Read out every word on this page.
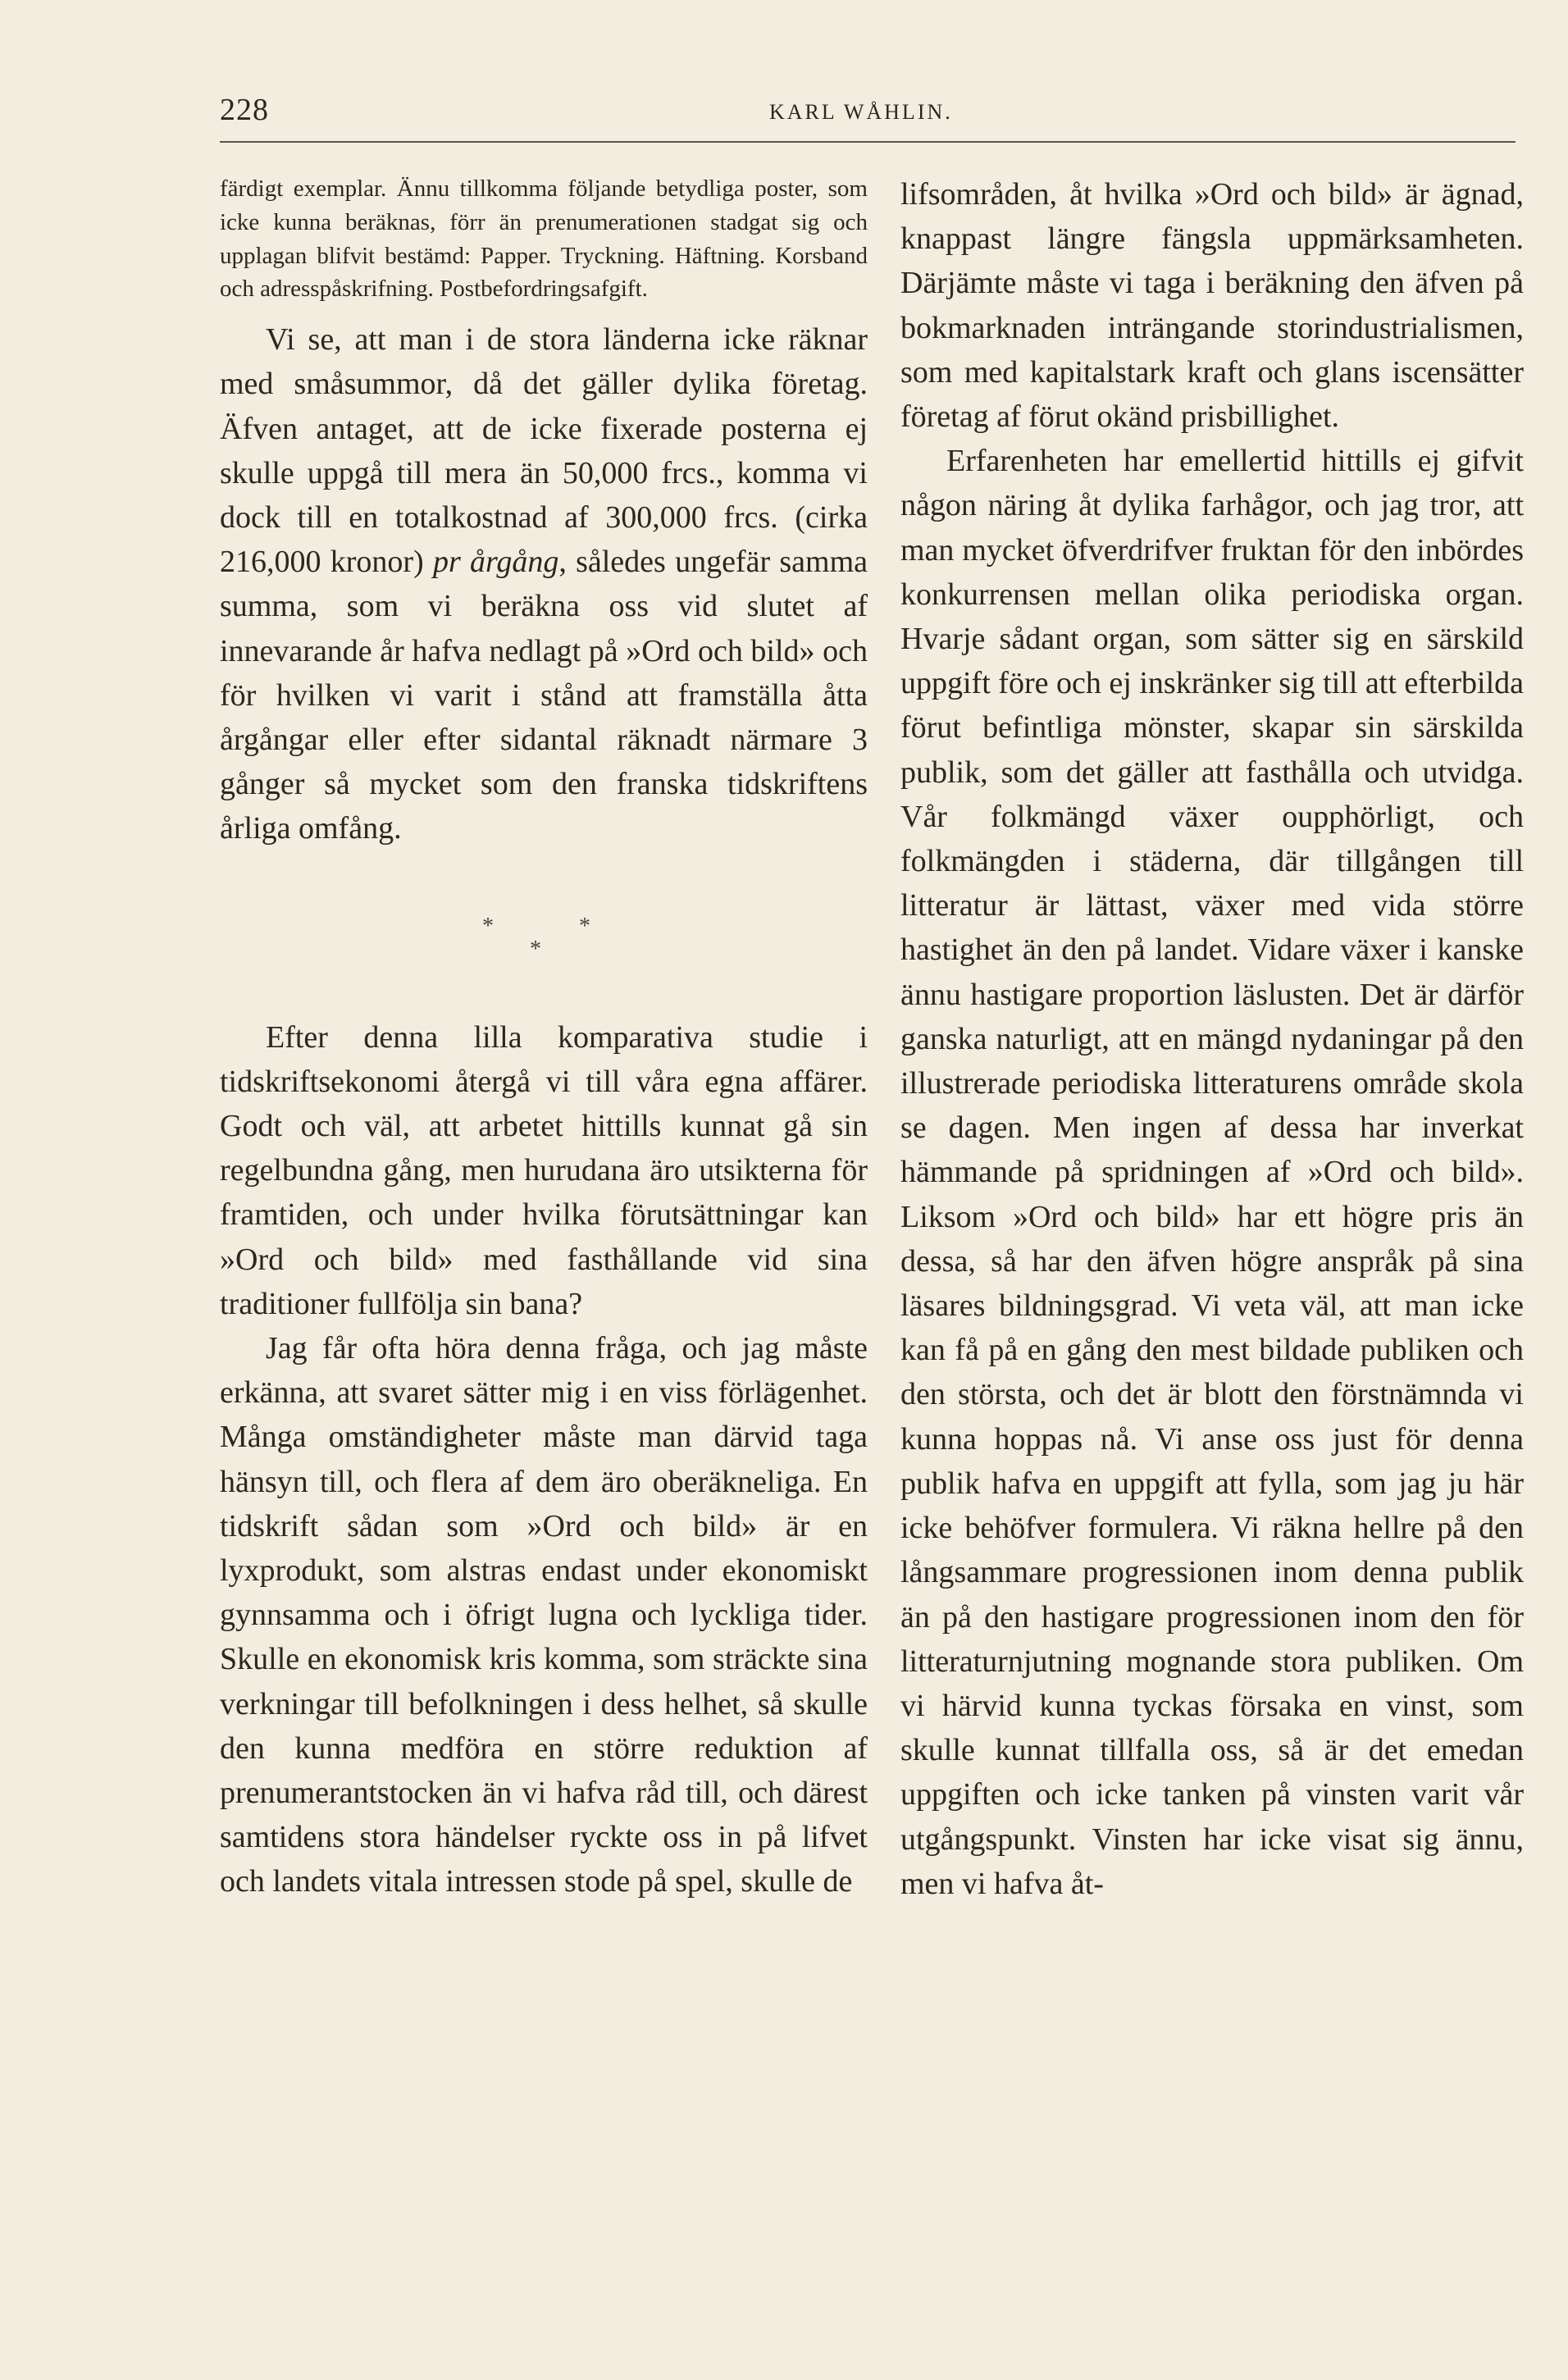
228	KARL WÅHLIN.

färdigt exemplar. Ännu tillkomma följande betydliga poster, som icke kunna beräknas, förr än prenumerationen stadgat sig och upplagan blifvit bestämd: Papper. Tryckning. Häftning. Korsband och adresspåskrifning. Postbefordringsafgift.

Vi se, att man i de stora länderna icke räknar med småsummor, då det gäller dylika företag. Äfven antaget, att de icke fixerade posterna ej skulle uppgå till mera än 50,000 frcs., komma vi dock till en totalkostnad af 300,000 frcs. (cirka 216,000 kronor) pr årgång, således ungefär samma summa, som vi beräkna oss vid slutet af innevarande år hafva nedlagt på »Ord och bild» och för hvilken vi varit i stånd att framställa åtta årgångar eller efter sidantal räknadt närmare 3 gånger så mycket som den franska tidskriftens årliga omfång.

*
*
*

Efter denna lilla komparativa studie i tidskriftsekonomi återgå vi till våra egna affärer. Godt och väl, att arbetet hittills kunnat gå sin regelbundna gång, men hurudana äro utsikterna för framtiden, och under hvilka förutsättningar kan »Ord och bild» med fasthållande vid sina traditioner fullfölja sin bana?

Jag får ofta höra denna fråga, och jag måste erkänna, att svaret sätter mig i en viss förlägenhet. Många omständigheter måste man därvid taga hänsyn till, och flera af dem äro oberäkneliga. En tidskrift sådan som »Ord och bild» är en lyxprodukt, som alstras endast under ekonomiskt gynnsamma och i öfrigt lugna och lyckliga tider. Skulle en ekonomisk kris komma, som sträckte sina verkningar till befolkningen i dess helhet, så skulle den kunna medföra en större reduktion af prenumerantstocken än vi hafva råd till, och därest samtidens stora händelser ryckte oss in på lifvet och landets vitala intressen stode på spel, skulle de

lifsområden, åt hvilka »Ord och bild» är ägnad, knappast längre fängsla uppmärksamheten. Därjämte måste vi taga i beräkning den äfven på bokmarknaden inträngande storindustrialismen, som med kapitalstark kraft och glans iscensätter företag af förut okänd prisbillighet.

Erfarenheten har emellertid hittills ej gifvit någon näring åt dylika farhågor, och jag tror, att man mycket öfverdrifver fruktan för den inbördes konkurrensen mellan olika periodiska organ. Hvarje sådant organ, som sätter sig en särskild uppgift före och ej inskränker sig till att efterbilda förut befintliga mönster, skapar sin särskilda publik, som det gäller att fasthålla och utvidga. Vår folkmängd växer oupphörligt, och folkmängden i städerna, där tillgången till litteratur är lättast, växer med vida större hastighet än den på landet. Vidare växer i kanske ännu hastigare proportion läslusten. Det är därför ganska naturligt, att en mängd nydaningar på den illustrerade periodiska litteraturens område skola se dagen. Men ingen af dessa har inverkat hämmande på spridningen af »Ord och bild». Liksom »Ord och bild» har ett högre pris än dessa, så har den äfven högre anspråk på sina läsares bildningsgrad. Vi veta väl, att man icke kan få på en gång den mest bildade publiken och den största, och det är blott den förstnämnda vi kunna hoppas nå. Vi anse oss just för denna publik hafva en uppgift att fylla, som jag ju här icke behöfver formulera. Vi räkna hellre på den långsammare progressionen inom denna publik än på den hastigare progressionen inom den för litteraturnjutning mognande stora publiken. Om vi härvid kunna tyckas försaka en vinst, som skulle kunnat tillfalla oss, så är det emedan uppgiften och icke tanken på vinsten varit vår utgångspunkt. Vinsten har icke visat sig ännu, men vi hafva åt-
